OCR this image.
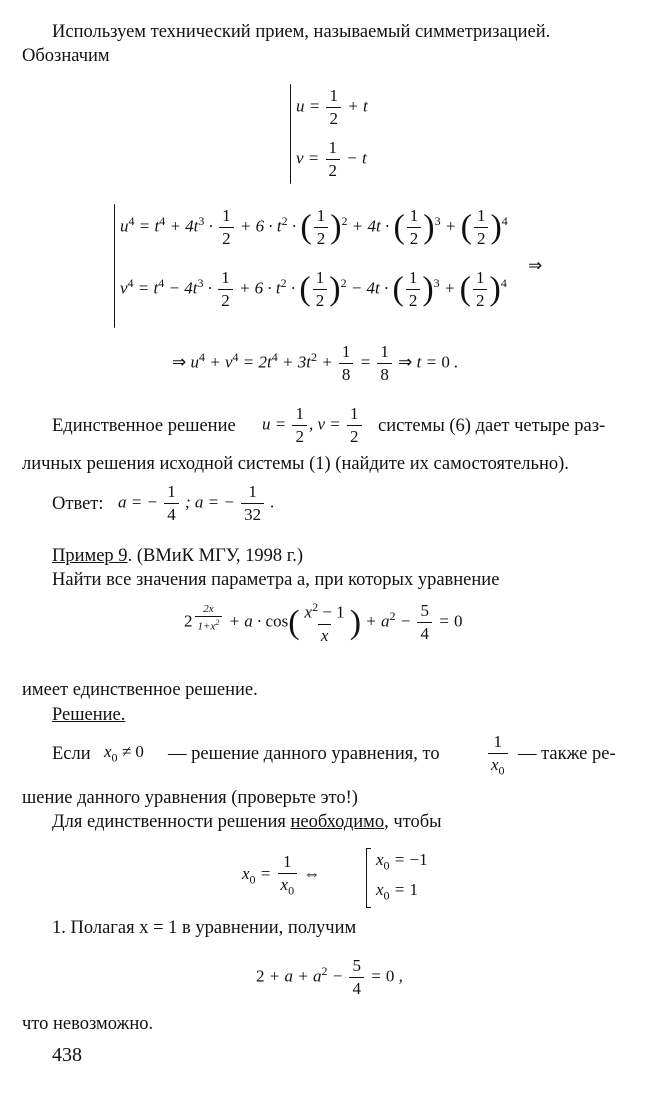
Используем технический прием, называемый симметризацией.
Обозначим
$u = \frac{1}{2} + t$
$v = \frac{1}{2} - t$
$u^4 = t^4 + 4t^3 \cdot \frac{1}{2} + 6 \cdot t^2$ · ( $\frac{1}{2} )^2 + 4t$ · ( $\frac{1}{2} )^3$ + ( $\frac{1}{2} )^4$
⇒
$v^4 = t^4 - 4t^3 \cdot \frac{1}{2} + 6 \cdot t^2$ · ( $\frac{1}{2} )^2 - 4t$ · ( $\frac{1}{2} )^3$ + ( $\frac{1}{2} )^4$
⇒ $u^4 + v^4 = 2t^4 + 3t^2 + \frac{1}{8} = \frac{1}{8}$ ⇒ t = 0 .
Единственное решение $u = \frac{1}{2}$ , $v = \frac{1}{2}$ системы (6) дает четыре раз-
личных решения исходной системы (1) (найдите их самостоятельно).
Ответ: a = − $\frac{1}{4}$ ; a = − $\frac{1}{32}$ .
Пример 9. (ВМиК МГУ, 1998 г.)
Найти все значения параметра a, при которых уравнение
2 $^{\frac{2x}{1+x^2}} + a \cdot \cos( \frac{x^2 - 1}{x}$ ) + $a^2 - \frac{5}{4} = 0$
имеет единственное решение.
Решение.
Если $x_0 \ne 0$ — решение данного уравнения, то	$\frac{1}{x_0}$ — также ре-
шение данного уравнения (проверьте это!)
Для единственности решения необходимо, чтобы
$x_0 = \frac{1}{x_0}$ ⇔
$x_0 = -1$
$x_0 = 1$
1. Полагая x = 1 в уравнении, получим
$2 + a + a^2 - \frac{5}{4} = 0$ ,
что невозможно.
438
